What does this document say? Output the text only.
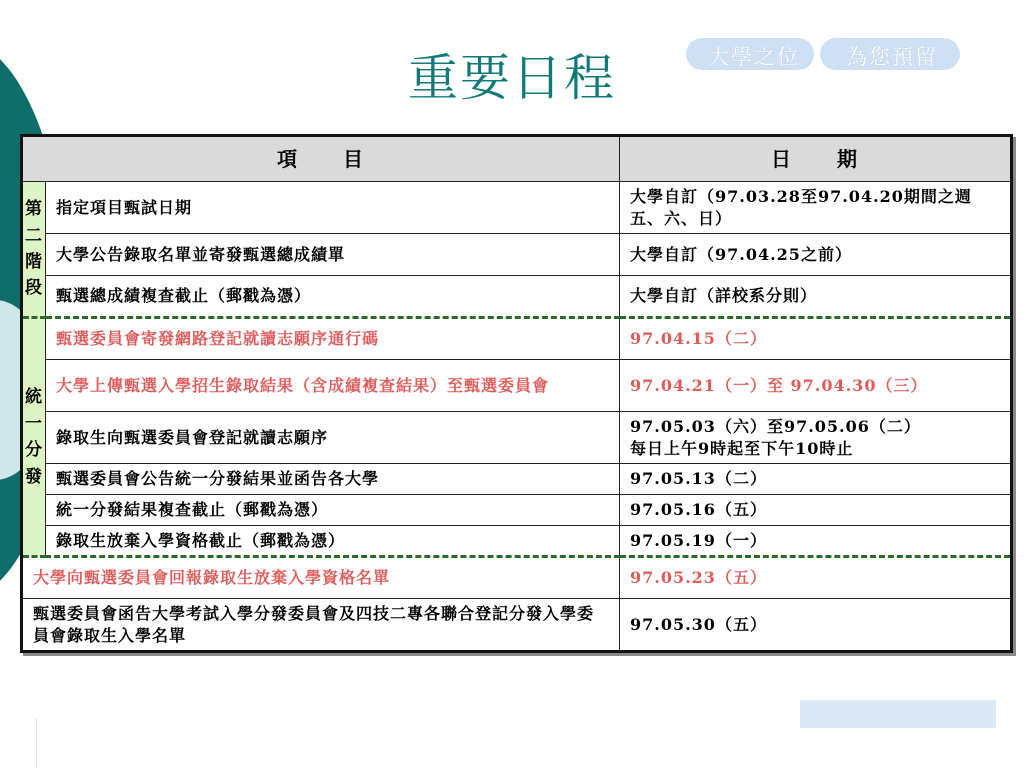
重要日程	大學之位 為您預留
項　　目		日　　期
第
二
階
段	指定項目甄試日期	大學自訂（97.03.28至97.04.20期間之週五、六、日）
	大學公告錄取名單並寄發甄選總成績單	大學自訂（97.04.25之前）
	甄選總成績複查截止（郵戳為憑）	大學自訂（詳校系分則）
統
一
分
發	甄選委員會寄發網路登記就讀志願序通行碼	97.04.15（二）
	大學上傳甄選入學招生錄取結果（含成績複查結果）至甄選委員會	97.04.21（一）至 97.04.30（三）
	錄取生向甄選委員會登記就讀志願序	97.05.03（六）至97.05.06（二）
每日上午9時起至下午10時止
	甄選委員會公告統一分發結果並函告各大學	97.05.13（二）
	統一分發結果複查截止（郵戳為憑）	97.05.16（五）
	錄取生放棄入學資格截止（郵戳為憑）	97.05.19（一）
大學向甄選委員會回報錄取生放棄入學資格名單		97.05.23（五）
甄選委員會函告大學考試入學分發委員會及四技二專各聯合登記分發入學委員會錄取生入學名單		97.05.30（五）
